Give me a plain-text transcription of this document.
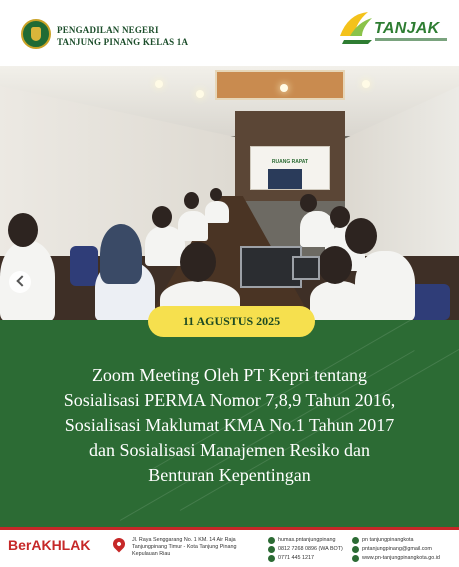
PENGADILAN NEGERI
TANJUNG PINANG KELAS 1A
TANJAK
RUANG RAPAT
11 AGUSTUS 2025
Zoom Meeting Oleh PT Kepri tentang
Sosialisasi PERMA Nomor 7,8,9 Tahun 2016,
Sosialisasi Maklumat KMA No.1 Tahun 2017
dan Sosialisasi Manajemen Resiko dan
Benturan Kepentingan
BerAKHLAK	Jl. Raya Senggarang No. 1 KM. 14 Air Raja
Tanjungpinang Timur - Kota Tanjung Pinang
Kepulauan Riau
humas.pntanjungpinang
0812 7268 0896 (WA BOT)
0771 445 1217
pn tanjungpinangkota
pntanjungpinang@gmail.com
www.pn-tanjungpinangkota.go.id
